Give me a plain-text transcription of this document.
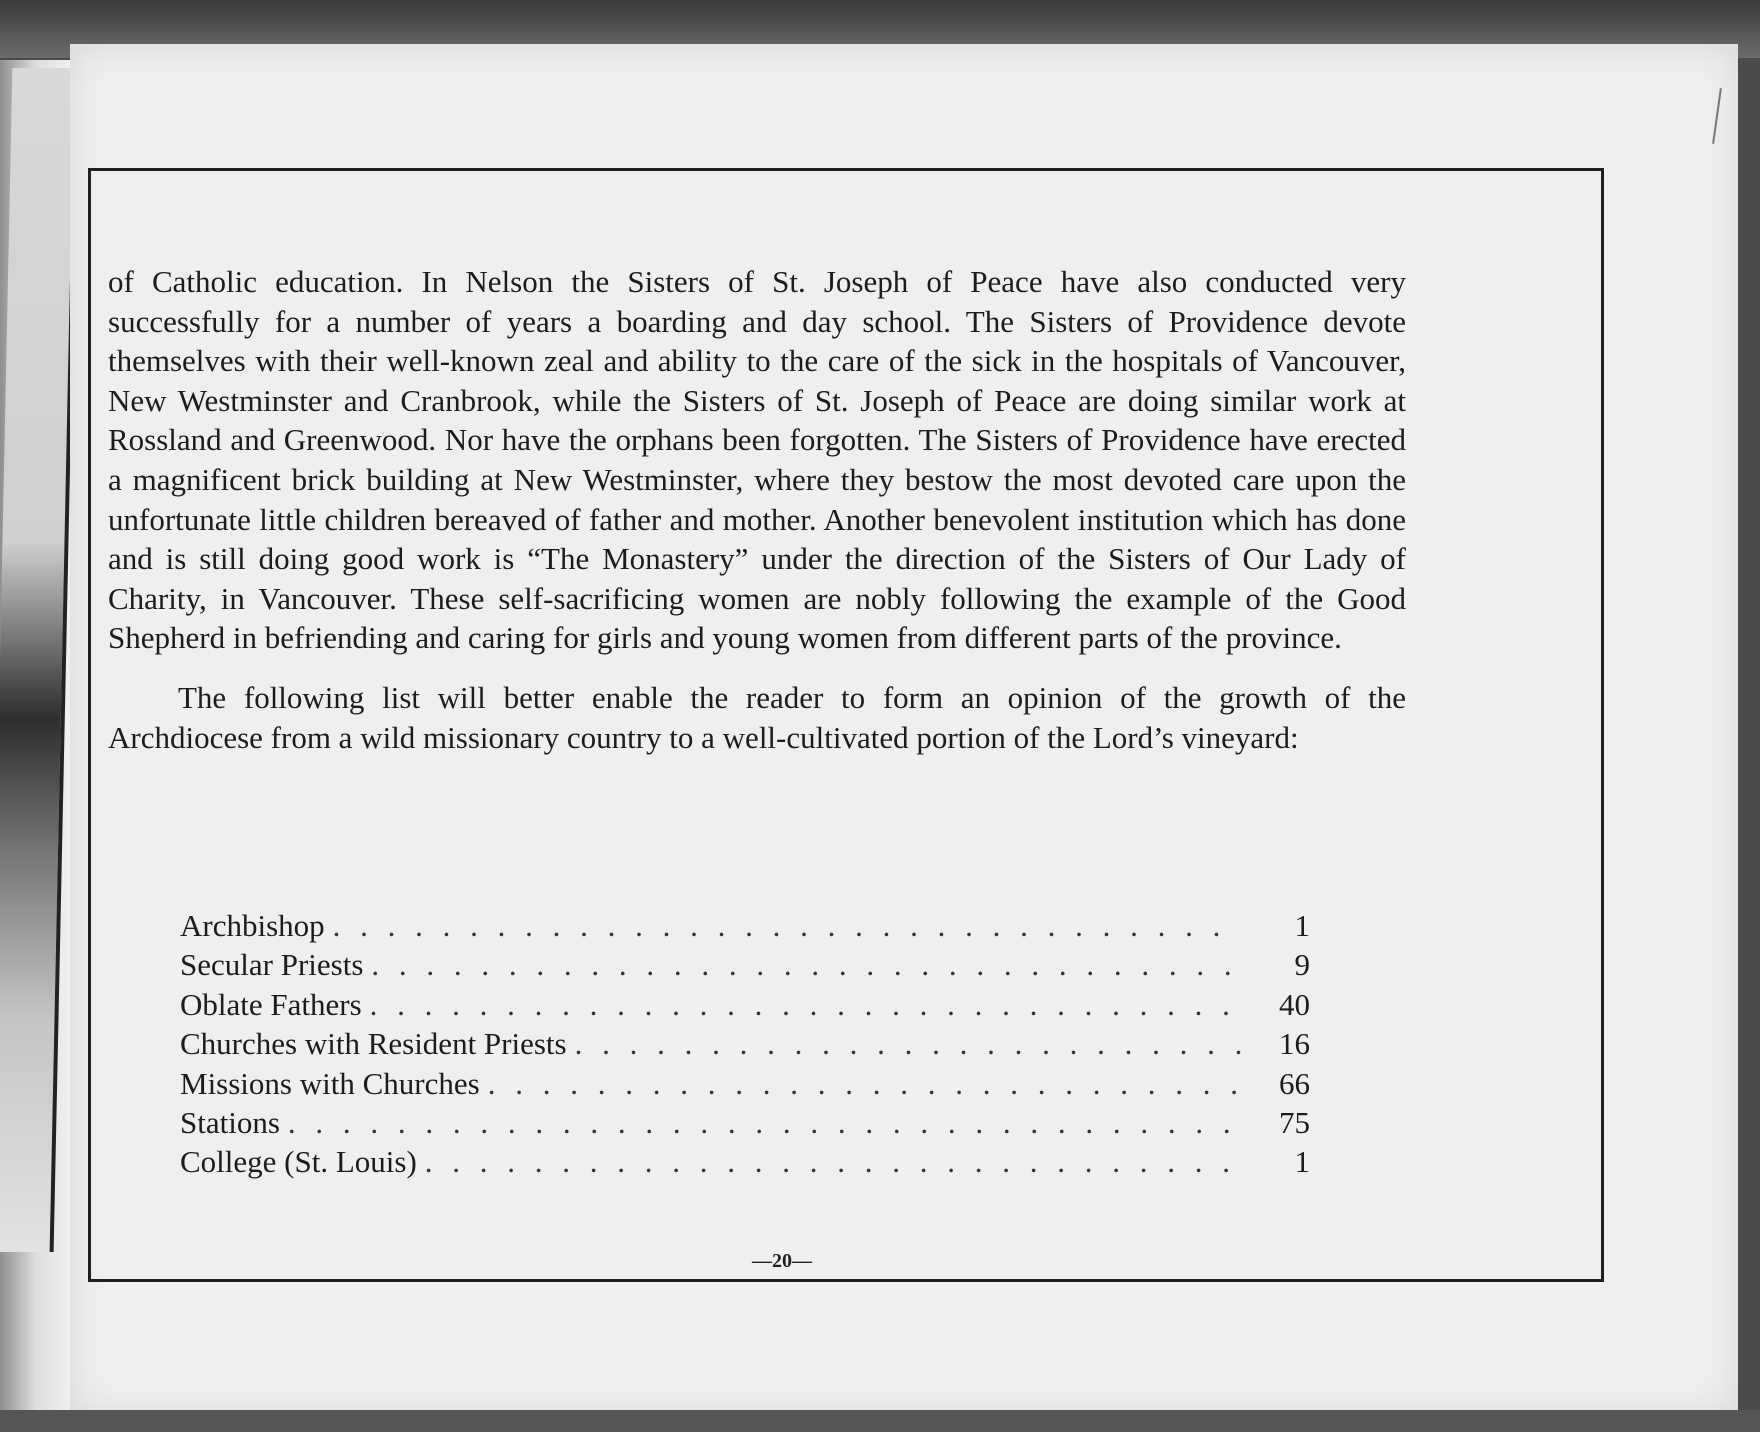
of Catholic education. In Nelson the Sisters of St. Joseph of Peace have also conducted very successfully for a number of years a boarding and day school. The Sisters of Providence devote themselves with their well-known zeal and ability to the care of the sick in the hospitals of Vancouver, New Westminster and Cranbrook, while the Sisters of St. Joseph of Peace are doing similar work at Rossland and Greenwood. Nor have the orphans been forgotten. The Sisters of Providence have erected a magnificent brick building at New Westminster, where they bestow the most devoted care upon the unfortunate little children bereaved of father and mother. Another benevolent institution which has done and is still doing good work is “The Monastery” under the direction of the Sisters of Our Lady of Charity, in Vancouver. These self-sacrificing women are nobly following the example of the Good Shepherd in befriending and caring for girls and young women from different parts of the province.

The following list will better enable the reader to form an opinion of the growth of the Archdiocese from a wild missionary country to a well-cultivated portion of the Lord’s vineyard:

Archbishop . . .	1
Secular Priests . . .	9
Oblate Fathers . . .	40
Churches with Resident Priests . . .	16
Missions with Churches . . .	66
Stations . . .	75
College (St. Louis) . . .	1
—20—
